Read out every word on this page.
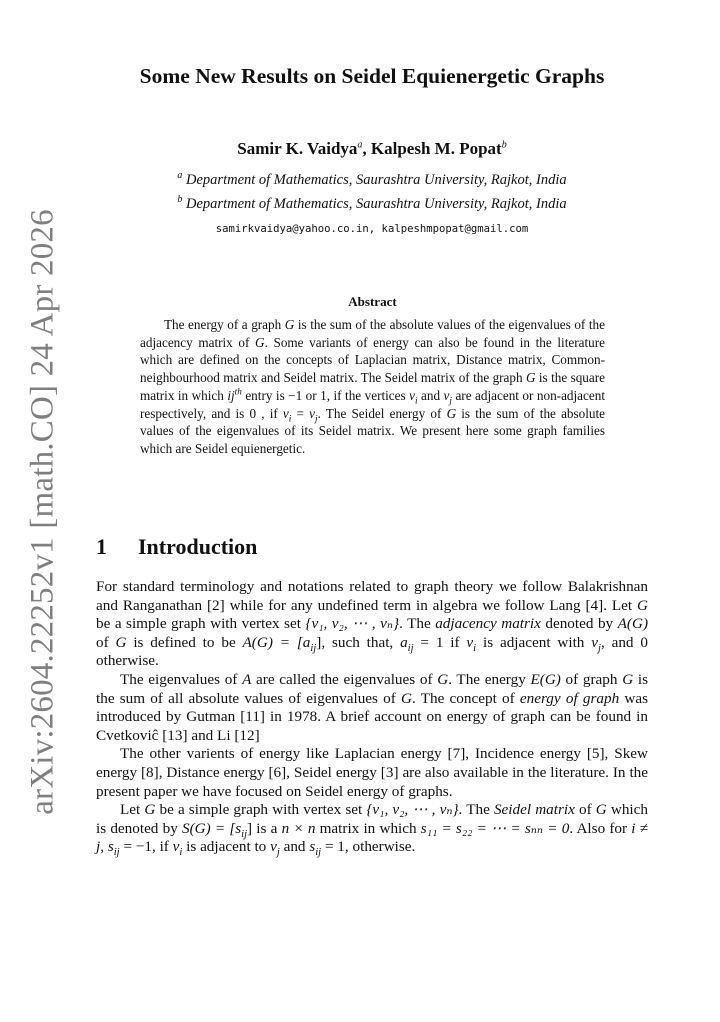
arXiv:2604.22252v1 [math.CO] 24 Apr 2026
Some New Results on Seidel Equienergetic Graphs
Samir K. Vaidya$^a$, Kalpesh M. Popat$^b$
$^a$ Department of Mathematics, Saurashtra University, Rajkot, India
$^b$ Department of Mathematics, Saurashtra University, Rajkot, India
samirkvaidya@yahoo.co.in, kalpeshmpopat@gmail.com
Abstract

The energy of a graph G is the sum of the absolute values of the eigenvalues of the adjacency matrix of G. Some variants of energy can also be found in the literature which are defined on the concepts of Laplacian matrix, Distance matrix, Common-neighbourhood matrix and Seidel matrix. The Seidel matrix of the graph G is the square matrix in which $ij^{th}$ entry is −1 or 1, if the vertices $v_i$ and $v_j$ are adjacent or non-adjacent respectively, and is 0 , if $v_i = v_j$. The Seidel energy of G is the sum of the absolute values of the eigenvalues of its Seidel matrix. We present here some graph families which are Seidel equienergetic.

1 Introduction

For standard terminology and notations related to graph theory we follow Balakrishnan and Ranganathan [2] while for any undefined term in algebra we follow Lang [4]. Let G be a simple graph with vertex set {v₁, v₂, ⋯ , vₙ}. The adjacency matrix denoted by A(G) of G is defined to be $A(G) = [a_{ij}]$, such that, $a_{ij} = 1$ if $v_i$ is adjacent with $v_j$, and 0 otherwise.

The eigenvalues of A are called the eigenvalues of G. The energy E(G) of graph G is the sum of all absolute values of eigenvalues of G. The concept of energy of graph was introduced by Gutman [11] in 1978. A brief account on energy of graph can be found in Cvetkoviĉ [13] and Li [12]

The other varients of energy like Laplacian energy [7], Incidence energy [5], Skew energy [8], Distance energy [6], Seidel energy [3] are also available in the literature. In the present paper we have focused on Seidel energy of graphs.

Let G be a simple graph with vertex set {v₁, v₂, ⋯ , vₙ}. The Seidel matrix of G which is denoted by $S(G) = [s_{ij}]$ is a n × n matrix in which s₁₁ = s₂₂ = ⋯ = sₙₙ = 0. Also for i ≠ j, $s_{ij} = -1$, if $v_i$ is adjacent to $v_j$ and $s_{ij} = 1$, otherwise.
